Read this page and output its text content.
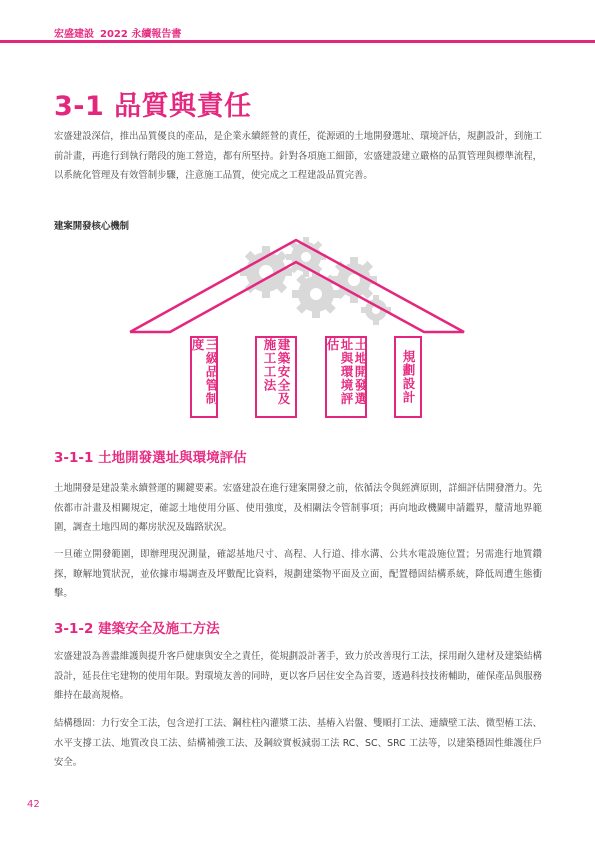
宏盛建設 2022 永續報告書
3-1 品質與責任
宏盛建設深信，推出品質優良的產品，是企業永續經營的責任，從源頭的土地開發選址、環境評估，規劃設計，到施工前計畫，再進行到執行階段的施工營造，都有所堅持。針對各項施工細節，宏盛建設建立嚴格的品質管理與標準流程，以系統化管理及有效管制步驟，注意施工品質，使完成之工程建設品質完善。
建案開發核心機制
三級品管制度	建築安全及施工工法	土地開發選址與環境評估
規劃設計
3-1-1 土地開發選址與環境評估
土地開發是建設業永續營運的關鍵要素。宏盛建設在進行建案開發之前，依循法令與經濟原則，詳細評估開發潛力。先依都市計畫及相關規定，確認土地使用分區、使用強度，及相關法令管制事項；再向地政機關申請鑑界，釐清地界範圍，調查土地四周的鄰房狀況及臨路狀況。
一旦確立開發範圍，即辦理現況測量，確認基地尺寸、高程、人行道、排水溝、公共水電設施位置；另需進行地質鑽探，瞭解地質狀況，並依據市場調查及坪數配比資料，規劃建築物平面及立面，配置穩固結構系統，降低周遭生態衝擊。
3-1-2 建築安全及施工方法
宏盛建設為善盡維護與提升客戶健康與安全之責任，從規劃設計著手，致力於改善現行工法，採用耐久建材及建築結構設計，延長住宅建物的使用年限。對環境友善的同時，更以客戶居住安全為首要，透過科技技術輔助，確保產品與服務維持在最高規格。
結構穩固：力行安全工法，包含逆打工法、鋼柱柱內灌漿工法、基樁入岩盤、雙順打工法、連續壁工法、微型樁工法、水平支撐工法、地質改良工法、結構補強工法、及鋼絞實板減弱工法 RC、SC、SRC 工法等，以建築穩固性維護住戶安全。
42
